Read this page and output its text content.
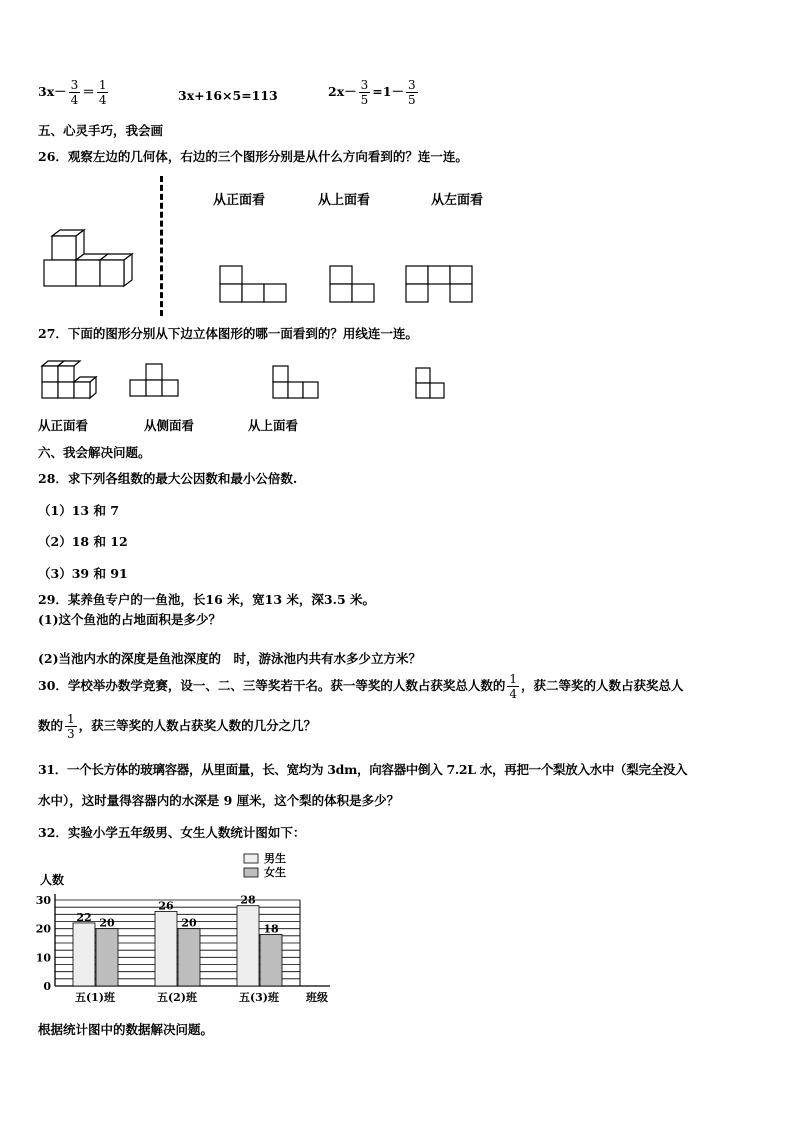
$3x- \frac{3}{4} = \frac{1}{4}$	3x+16×5=113	$2x- \frac{3}{5} =1- \frac{3}{5}$
五、心灵手巧，我会画
26．观察左边的几何体，右边的三个图形分别是从什么方向看到的？连一连。
从正面看	从上面看	从左面看
27．下面的图形分别从下边立体图形的哪一面看到的？用线连一连。
从正面看	从侧面看	从上面看
六、我会解决问题。
28．求下列各组数的最大公因数和最小公倍数.
（1）13 和 7
（2）18 和 12
（3）39 和 91
29．某养鱼专户的一鱼池，长16 米，宽13 米，深3.5 米。
(1)这个鱼池的占地面积是多少？
(2)当池内水的深度是鱼池深度的　时，游泳池内共有水多少立方米？
30．学校举办数学竞赛，设一、二、三等奖若干名。获一等奖的人数占获奖总人数的 $\frac{1}{4}$ ，获二等奖的人数占获奖总人
数的 $\frac{1}{3}$ ，获三等奖的人数占获奖人数的几分之几？
31．一个长方体的玻璃容器，从里面量，长、宽均为 3dm，向容器中倒入 7.2L 水，再把一个梨放入水中（梨完全没入
水中），这时量得容器内的水深是 9 厘米，这个梨的体积是多少？
32．实验小学五年级男、女生人数统计图如下：
0
10
20
30
人数
班级
22 20
五(1)班
26
20
五(2)班
28
18
五(3)班
男生
女生
根据统计图中的数据解决问题。
